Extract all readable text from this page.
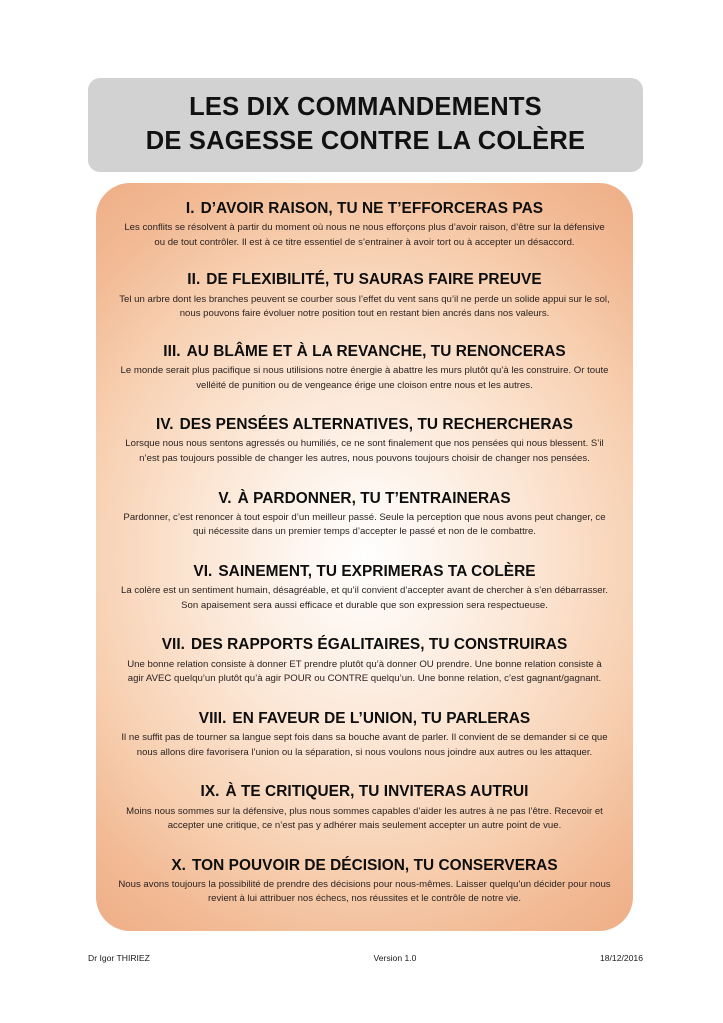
LES DIX COMMANDEMENTS
DE SAGESSE CONTRE LA COLÈRE
I. D’AVOIR RAISON, TU NE T’EFFORCERAS PAS
Les conflits se résolvent à partir du moment où nous ne nous efforçons plus d’avoir raison, d’être sur la défensive ou de tout contrôler. Il est à ce titre essentiel de s’entrainer à avoir tort ou à accepter un désaccord.
II. DE FLEXIBILITÉ, TU SAURAS FAIRE PREUVE
Tel un arbre dont les branches peuvent se courber sous l’effet du vent sans qu’il ne perde un solide appui sur le sol, nous pouvons faire évoluer notre position tout en restant bien ancrés dans nos valeurs.
III. AU BLÂME ET À LA REVANCHE, TU RENONCERAS
Le monde serait plus pacifique si nous utilisions notre énergie à abattre les murs plutôt qu’à les construire. Or toute velléité de punition ou de vengeance érige une cloison entre nous et les autres.
IV. DES PENSÉES ALTERNATIVES, TU RECHERCHERAS
Lorsque nous nous sentons agressés ou humiliés, ce ne sont finalement que nos pensées qui nous blessent. S’il n’est pas toujours possible de changer les autres, nous pouvons toujours choisir de changer nos pensées.
V. À PARDONNER, TU T’ENTRAINERAS
Pardonner, c’est renoncer à tout espoir d’un meilleur passé. Seule la perception que nous avons peut changer, ce qui nécessite dans un premier temps d’accepter le passé et non de le combattre.
VI. SAINEMENT, TU EXPRIMERAS TA COLÈRE
La colère est un sentiment humain, désagréable, et qu’il convient d’accepter avant de chercher à s’en débarrasser. Son apaisement sera aussi efficace et durable que son expression sera respectueuse.
VII. DES RAPPORTS ÉGALITAIRES, TU CONSTRUIRAS
Une bonne relation consiste à donner ET prendre plutôt qu’à donner OU prendre. Une bonne relation consiste à agir AVEC quelqu’un plutôt qu’à agir POUR ou CONTRE quelqu’un. Une bonne relation, c’est gagnant/gagnant.
VIII. EN FAVEUR DE L’UNION, TU PARLERAS
Il ne suffit pas de tourner sa langue sept fois dans sa bouche avant de parler. Il convient de se demander si ce que nous allons dire favorisera l’union ou la séparation, si nous voulons nous joindre aux autres ou les attaquer.
IX. À TE CRITIQUER, TU INVITERAS AUTRUI
Moins nous sommes sur la défensive, plus nous sommes capables d’aider les autres à ne pas l’être. Recevoir et accepter une critique, ce n’est pas y adhérer mais seulement accepter un autre point de vue.
X. TON POUVOIR DE DÉCISION, TU CONSERVERAS
Nous avons toujours la possibilité de prendre des décisions pour nous-mêmes. Laisser quelqu’un décider pour nous revient à lui attribuer nos échecs, nos réussites et le contrôle de notre vie.
Dr Igor THIRIEZ	Version 1.0	18/12/2016
